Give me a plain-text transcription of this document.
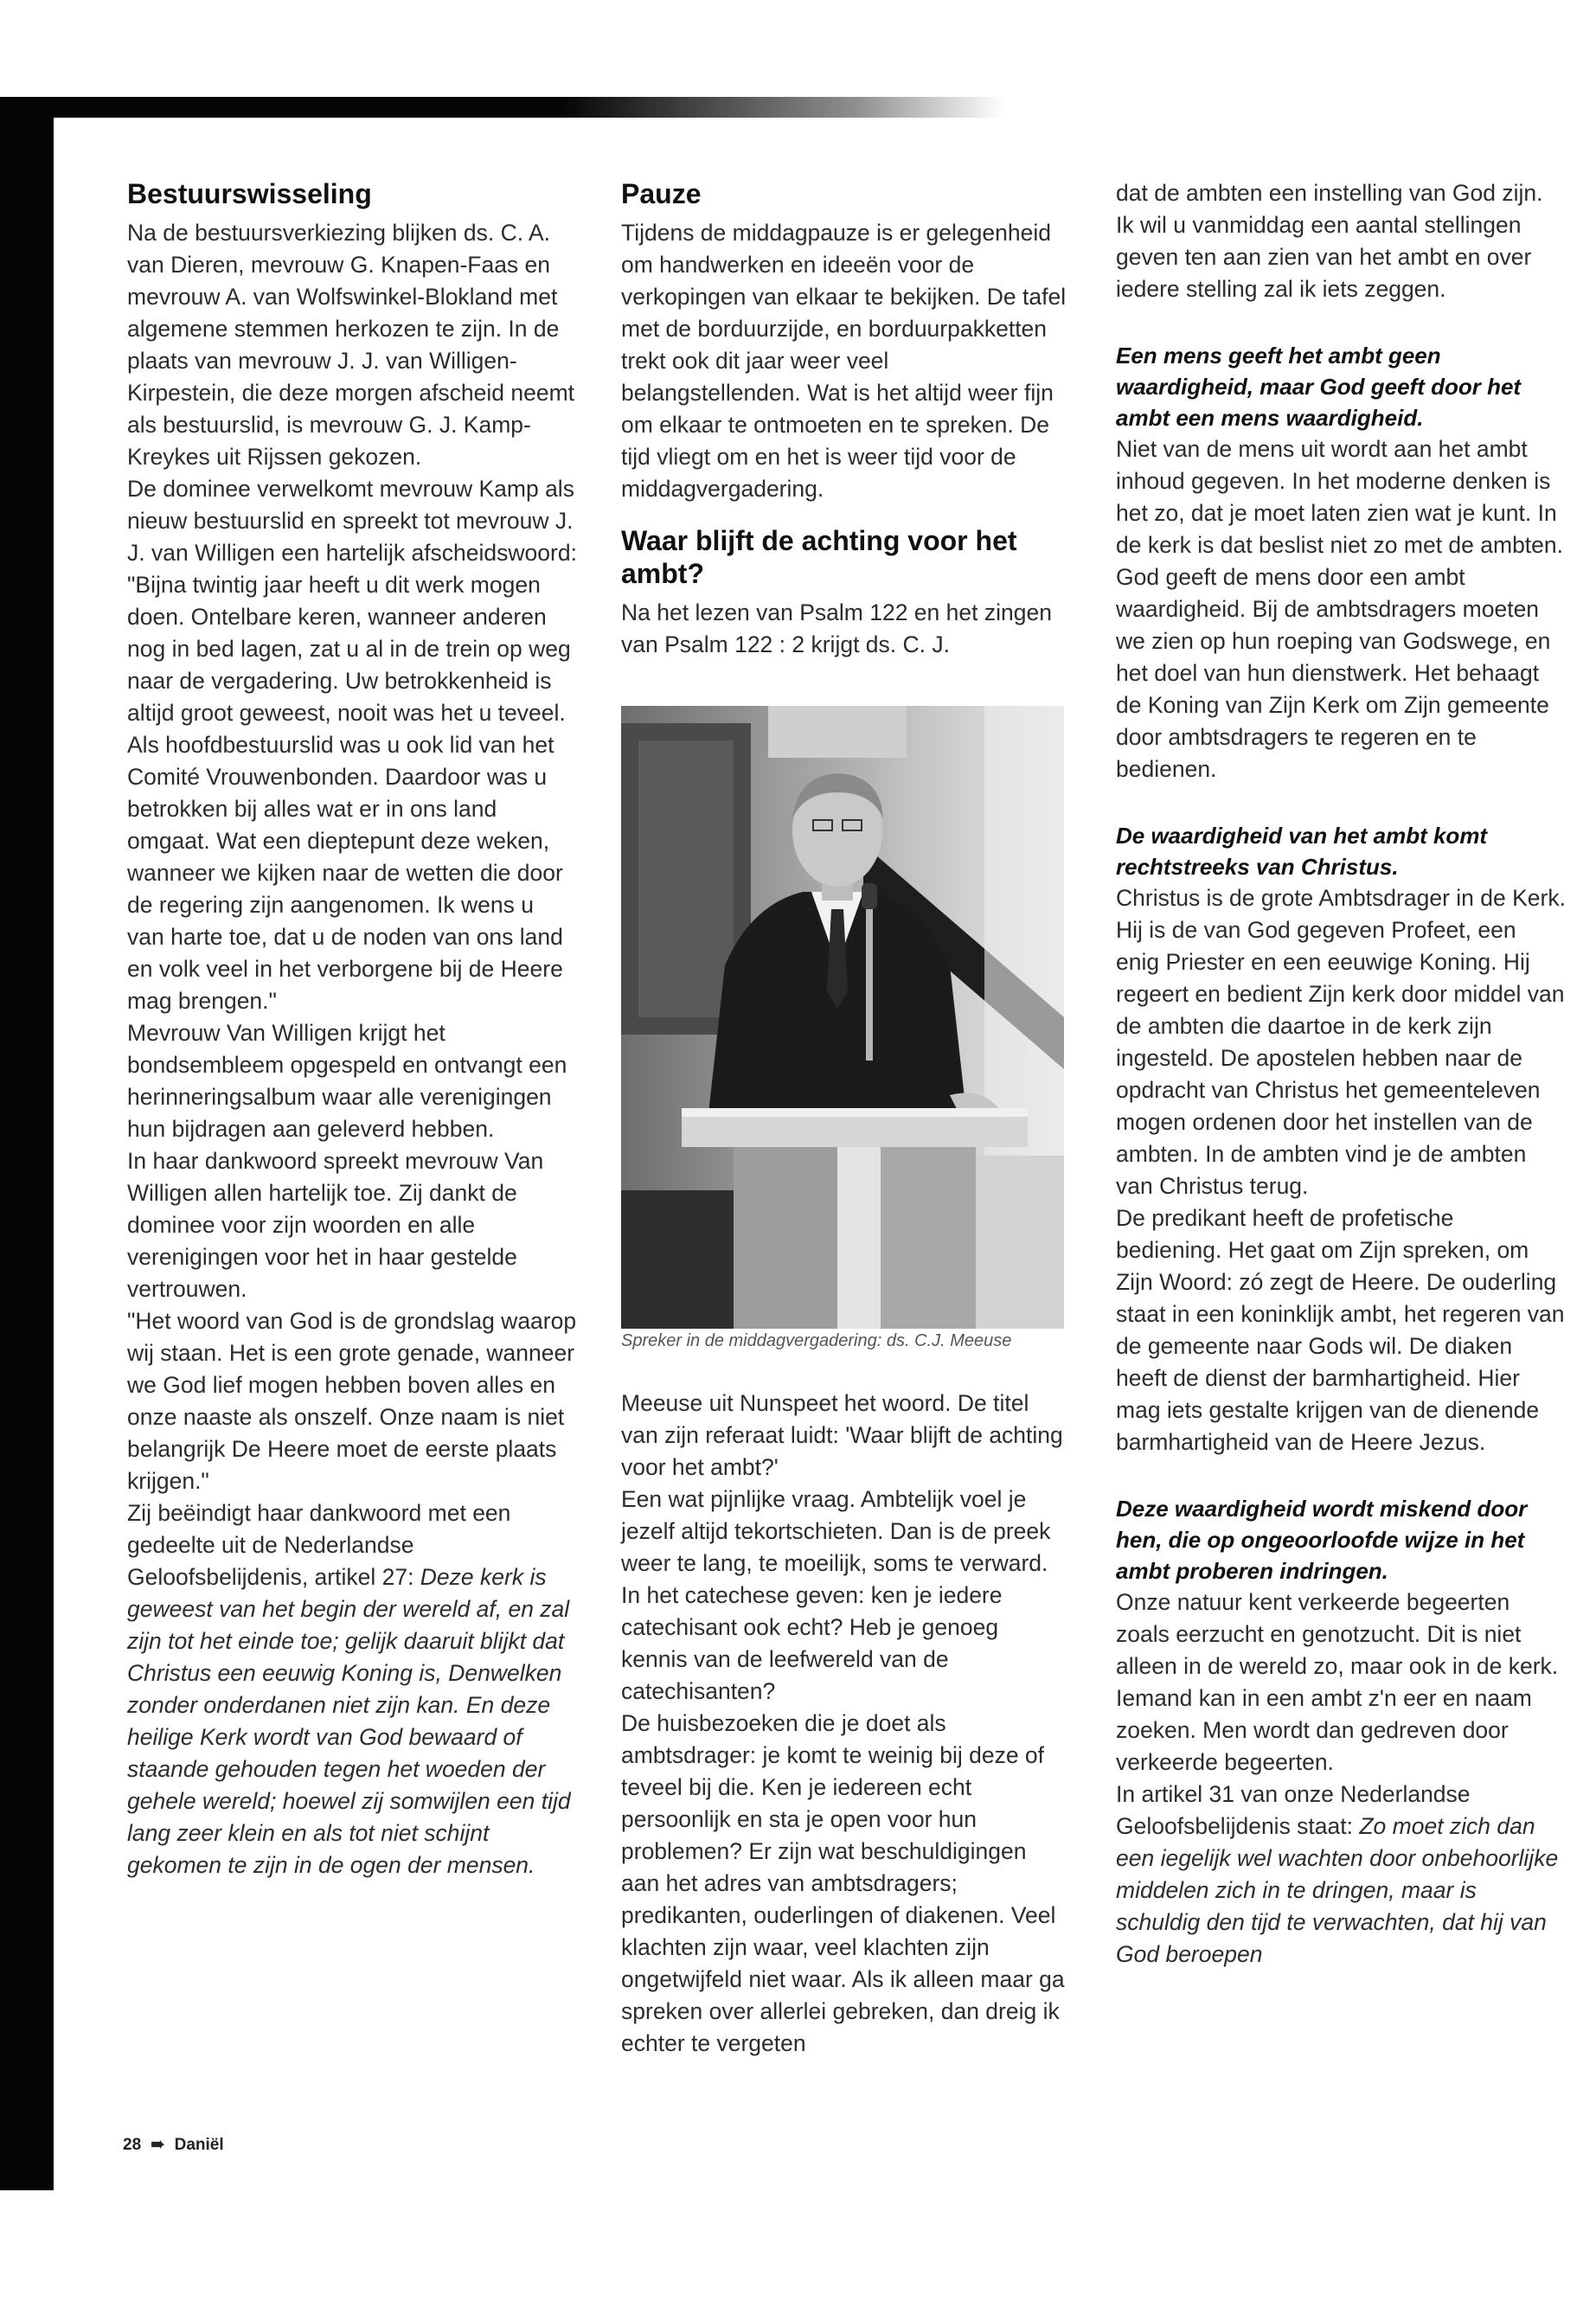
Bestuurswisseling

Na de bestuursverkiezing blijken ds. C. A. van Dieren, mevrouw G. Knapen-Faas en mevrouw A. van Wolfswinkel-Blokland met algemene stemmen herkozen te zijn. In de plaats van mevrouw J. J. van Willigen-Kirpestein, die deze morgen afscheid neemt als bestuurslid, is mevrouw G. J. Kamp-Kreykes uit Rijssen gekozen.

De dominee verwelkomt mevrouw Kamp als nieuw bestuurslid en spreekt tot mevrouw J. J. van Willigen een hartelijk afscheidswoord: "Bijna twintig jaar heeft u dit werk mogen doen. Ontelbare keren, wanneer anderen nog in bed lagen, zat u al in de trein op weg naar de vergadering. Uw betrokkenheid is altijd groot geweest, nooit was het u teveel. Als hoofdbestuurslid was u ook lid van het Comité Vrouwenbonden. Daardoor was u betrokken bij alles wat er in ons land omgaat. Wat een dieptepunt deze weken, wanneer we kijken naar de wetten die door de regering zijn aangenomen. Ik wens u van harte toe, dat u de noden van ons land en volk veel in het verborgene bij de Heere mag brengen."

Mevrouw Van Willigen krijgt het bondsembleem opgespeld en ontvangt een herinneringsalbum waar alle verenigingen hun bijdragen aan geleverd hebben.

In haar dankwoord spreekt mevrouw Van Willigen allen hartelijk toe. Zij dankt de dominee voor zijn woorden en alle verenigingen voor het in haar gestelde vertrouwen.

"Het woord van God is de grondslag waarop wij staan. Het is een grote genade, wanneer we God lief mogen hebben boven alles en onze naaste als onszelf. Onze naam is niet belangrijk De Heere moet de eerste plaats krijgen."

Zij beëindigt haar dankwoord met een gedeelte uit de Nederlandse Geloofsbelijdenis, artikel 27: Deze kerk is geweest van het begin der wereld af, en zal zijn tot het einde toe; gelijk daaruit blijkt dat Christus een eeuwig Koning is, Denwelken zonder onderdanen niet zijn kan. En deze heilige Kerk wordt van God bewaard of staande gehouden tegen het woeden der gehele wereld; hoewel zij somwijlen een tijd lang zeer klein en als tot niet schijnt gekomen te zijn in de ogen der mensen.

Pauze

Tijdens de middagpauze is er gelegenheid om handwerken en ideeën voor de verkopingen van elkaar te bekijken. De tafel met de borduurzijde, en borduurpakketten trekt ook dit jaar weer veel belangstellenden. Wat is het altijd weer fijn om elkaar te ontmoeten en te spreken. De tijd vliegt om en het is weer tijd voor de middagvergadering.

Waar blijft de achting voor het ambt?

Na het lezen van Psalm 122 en het zingen van Psalm 122 : 2 krijgt ds. C. J.

Spreker in de middagvergadering: ds. C.J. Meeuse

Meeuse uit Nunspeet het woord. De titel van zijn referaat luidt: 'Waar blijft de achting voor het ambt?'

Een wat pijnlijke vraag. Ambtelijk voel je jezelf altijd tekortschieten. Dan is de preek weer te lang, te moeilijk, soms te verward. In het catechese geven: ken je iedere catechisant ook echt? Heb je genoeg kennis van de leefwereld van de catechisanten?

De huisbezoeken die je doet als ambtsdrager: je komt te weinig bij deze of teveel bij die. Ken je iedereen echt persoonlijk en sta je open voor hun problemen? Er zijn wat beschuldigingen aan het adres van ambtsdragers; predikanten, ouderlingen of diakenen. Veel klachten zijn waar, veel klachten zijn ongetwijfeld niet waar. Als ik alleen maar ga spreken over allerlei gebreken, dan dreig ik echter te vergeten

dat de ambten een instelling van God zijn. Ik wil u vanmiddag een aantal stellingen geven ten aan zien van het ambt en over iedere stelling zal ik iets zeggen.

Een mens geeft het ambt geen waardigheid, maar God geeft door het ambt een mens waardigheid.

Niet van de mens uit wordt aan het ambt inhoud gegeven. In het moderne denken is het zo, dat je moet laten zien wat je kunt. In de kerk is dat beslist niet zo met de ambten. God geeft de mens door een ambt waardigheid. Bij de ambtsdragers moeten we zien op hun roeping van Godswege, en het doel van hun dienstwerk. Het behaagt de Koning van Zijn Kerk om Zijn gemeente door ambtsdragers te regeren en te bedienen.

De waardigheid van het ambt komt rechtstreeks van Christus.

Christus is de grote Ambtsdrager in de Kerk. Hij is de van God gegeven Profeet, een enig Priester en een eeuwige Koning. Hij regeert en bedient Zijn kerk door middel van de ambten die daartoe in de kerk zijn ingesteld. De apostelen hebben naar de opdracht van Christus het gemeenteleven mogen ordenen door het instellen van de ambten. In de ambten vind je de ambten van Christus terug.

De predikant heeft de profetische bediening. Het gaat om Zijn spreken, om Zijn Woord: zó zegt de Heere. De ouderling staat in een koninklijk ambt, het regeren van de gemeente naar Gods wil. De diaken heeft de dienst der barmhartigheid. Hier mag iets gestalte krijgen van de dienende barmhartigheid van de Heere Jezus.

Deze waardigheid wordt miskend door hen, die op ongeoorloofde wijze in het ambt proberen indringen.

Onze natuur kent verkeerde begeerten zoals eerzucht en genotzucht. Dit is niet alleen in de wereld zo, maar ook in de kerk. Iemand kan in een ambt z'n eer en naam zoeken. Men wordt dan gedreven door verkeerde begeerten.

In artikel 31 van onze Nederlandse Geloofsbelijdenis staat: Zo moet zich dan een iegelijk wel wachten door onbehoorlijke middelen zich in te dringen, maar is schuldig den tijd te verwachten, dat hij van God beroepen

28 ➠ Daniël
